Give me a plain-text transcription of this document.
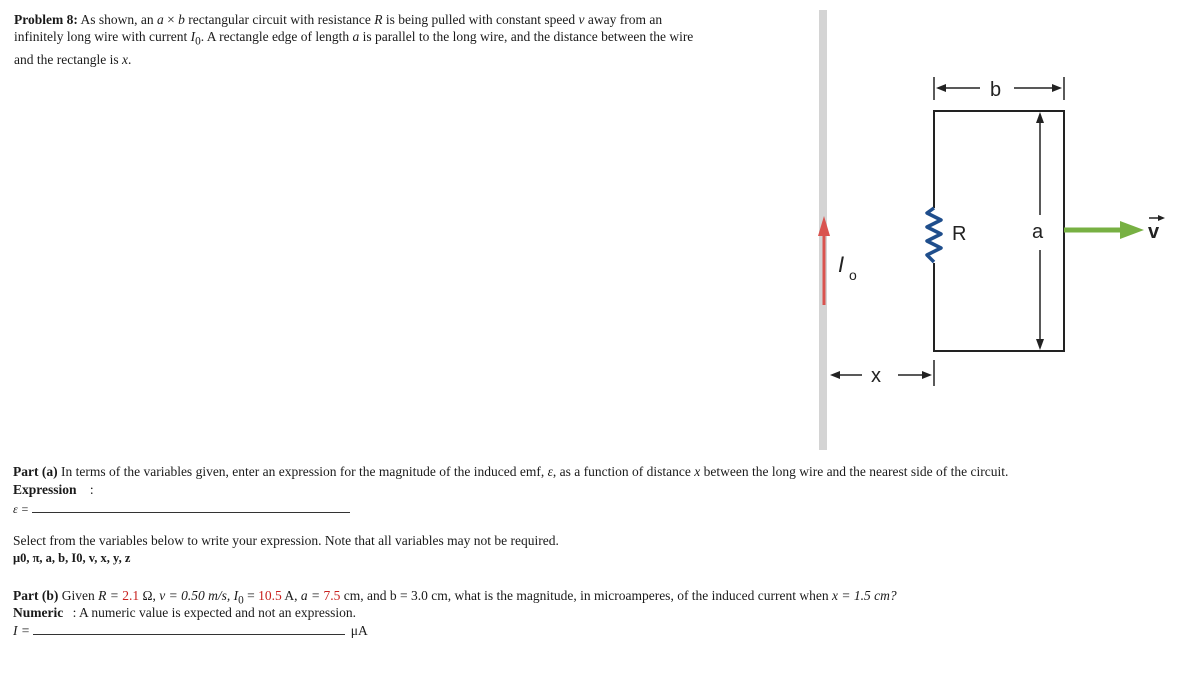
Problem 8: As shown, an a × b rectangular circuit with resistance R is being pulled with constant speed v away from an
infinitely long wire with current $I_0$. A rectangle edge of length a is parallel to the long wire, and the distance between the wire
and the rectangle is x.
I o
R
b
a	v
x
Part (a) In terms of the variables given, enter an expression for the magnitude of the induced emf, ε, as a function of distance x between the long wire and the nearest side of the circuit.
Expression :
ε =
Select from the variables below to write your expression. Note that all variables may not be required.
μ0, π, a, b, I0, v, x, y, z
Part (b) Given R = 2.1 Ω, v = 0.50 m/s, $I_0 = 10.5$ A, a = 7.5 cm, and b = 3.0 cm, what is the magnitude, in microamperes, of the induced current when x = 1.5 cm?
Numeric : A numeric value is expected and not an expression.
I =	μA
